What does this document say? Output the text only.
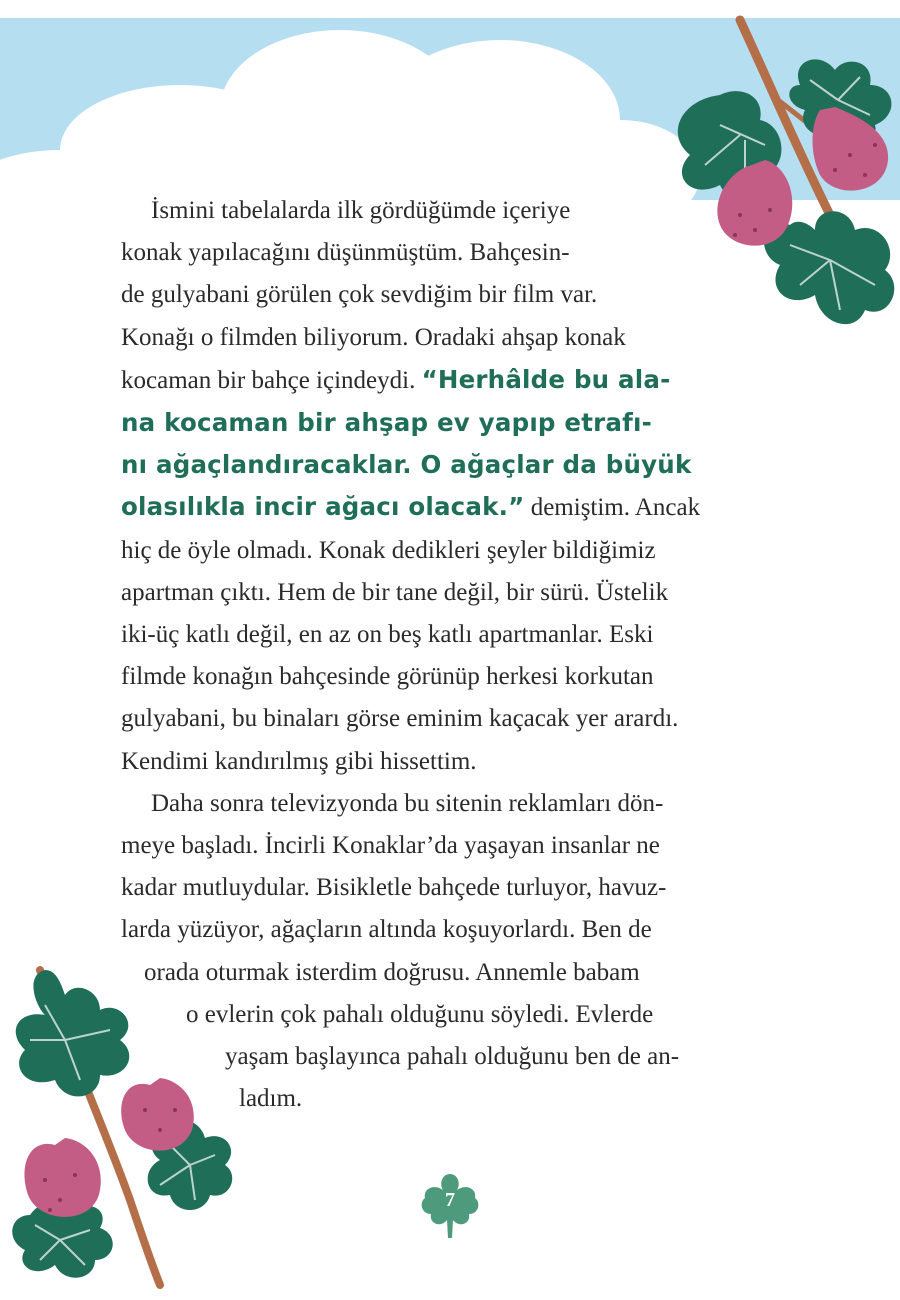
İsmini tabelalarda ilk gördüğümde içeriye
konak yapılacağını düşünmüştüm. Bahçesin-
de gulyabani görülen çok sevdiğim bir film var.
Konağı o filmden biliyorum. Oradaki ahşap konak
kocaman bir bahçe içindeydi. “Herhâlde bu ala-
na kocaman bir ahşap ev yapıp etrafı-
nı ağaçlandıracaklar. O ağaçlar da büyük
olasılıkla incir ağacı olacak.” demiştim. Ancak
hiç de öyle olmadı. Konak dedikleri şeyler bildiğimiz
apartman çıktı. Hem de bir tane değil, bir sürü. Üstelik
iki-üç katlı değil, en az on beş katlı apartmanlar. Eski
filmde konağın bahçesinde görünüp herkesi korkutan
gulyabani, bu binaları görse eminim kaçacak yer arardı.
Kendimi kandırılmış gibi hissettim.

Daha sonra televizyonda bu sitenin reklamları dön-
meye başladı. İncirli Konaklar’da yaşayan insanlar ne
kadar mutluydular. Bisikletle bahçede turluyor, havuz-
larda yüzüyor, ağaçların altında koşuyorlardı. Ben de
orada oturmak isterdim doğrusu. Annemle babam
o evlerin çok pahalı olduğunu söyledi. Evlerde
yaşam başlayınca pahalı olduğunu ben de an-
ladım.

7
